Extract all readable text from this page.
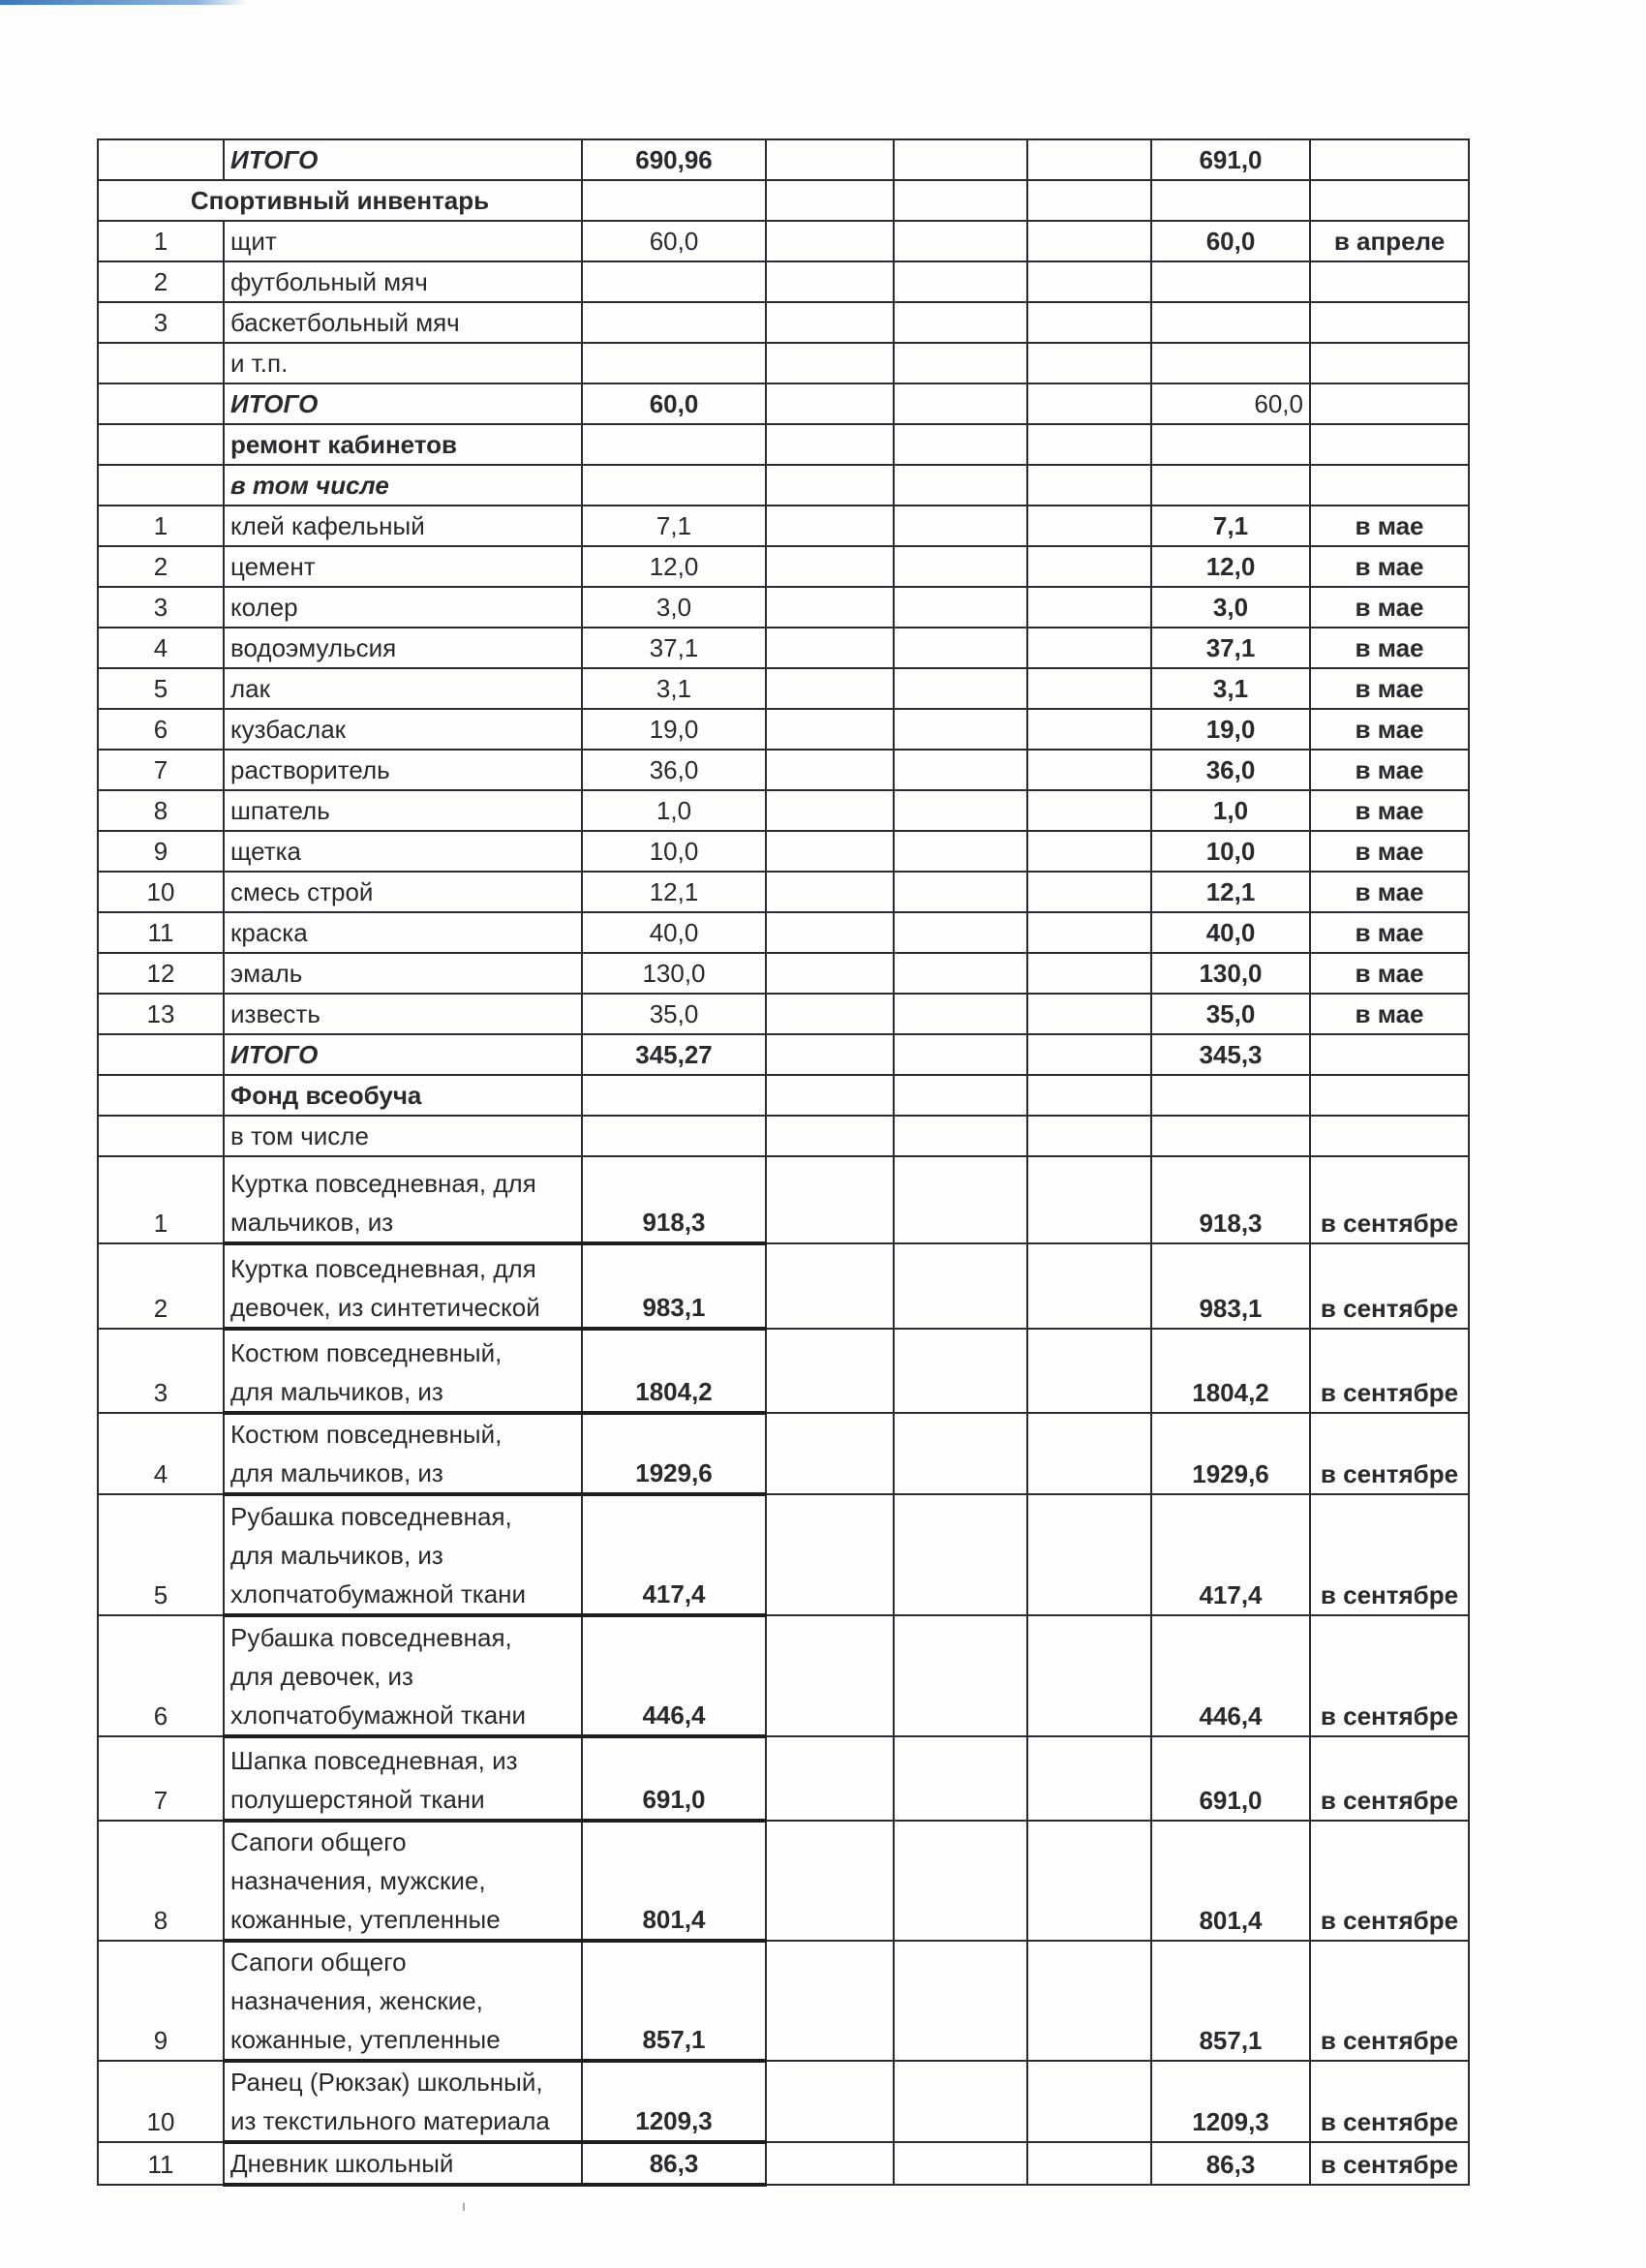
	ИТОГО	690,96				691,0	
Спортивный инвентарь							
1	щит	60,0				60,0	в апреле
2	футбольный мяч						
3	баскетбольный мяч						
	и т.п.						
	ИТОГО	60,0				60,0	
	ремонт кабинетов						
	в том числе						
1	клей кафельный	7,1				7,1	в мае
2	цемент	12,0				12,0	в мае
3	колер	3,0				3,0	в мае
4	водоэмульсия	37,1				37,1	в мае
5	лак	3,1				3,1	в мае
6	кузбаслак	19,0				19,0	в мае
7	растворитель	36,0				36,0	в мае
8	шпатель	1,0				1,0	в мае
9	щетка	10,0				10,0	в мае
10	смесь строй	12,1				12,1	в мае
11	краска	40,0				40,0	в мае
12	эмаль	130,0				130,0	в мае
13	известь	35,0				35,0	в мае
	ИТОГО	345,27				345,3	
	Фонд всеобуча						
	в том числе						
1	Куртка повседневная, для
мальчиков, из	918,3				918,3	в сентябре
2	Куртка повседневная, для
девочек, из синтетической	983,1				983,1	в сентябре
3	Костюм повседневный,
для мальчиков, из	1804,2				1804,2	в сентябре
4	Костюм повседневный,
для мальчиков, из	1929,6				1929,6	в сентябре
5	Рубашка повседневная,
для мальчиков, из
хлопчатобумажной ткани	417,4				417,4	в сентябре
6	Рубашка повседневная,
для девочек, из
хлопчатобумажной ткани	446,4				446,4	в сентябре
7	Шапка повседневная, из
полушерстяной ткани	691,0				691,0	в сентябре
8	Сапоги общего
назначения, мужские,
кожанные, утепленные	801,4				801,4	в сентябре
9	Сапоги общего
назначения, женские,
кожанные, утепленные	857,1				857,1	в сентябре
10	Ранец (Рюкзак) школьный,
из текстильного материала	1209,3				1209,3	в сентябре
11	Дневник школьный	86,3				86,3	в сентябре
